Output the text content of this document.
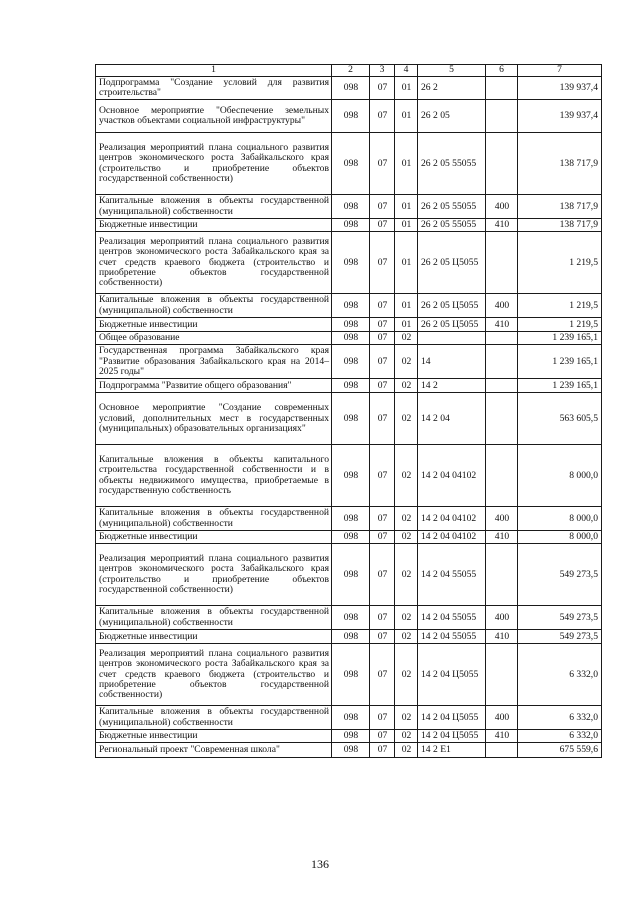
1	2	3	4	5	6	7
Подпрограмма "Создание условий для развития строительства"	098	07	01	26 2		139 937,4
Основное мероприятие "Обеспечение земельных участков объектами социальной инфраструктуры"	098	07	01	26 2 05		139 937,4
Реализация мероприятий плана социального развития центров экономического роста Забайкальского края (строительство и приобретение объектов государственной собственности)	098	07	01	26 2 05 55055		138 717,9
Капитальные вложения в объекты государственной (муниципальной) собственности	098	07	01	26 2 05 55055	400	138 717,9
Бюджетные инвестиции	098	07	01	26 2 05 55055	410	138 717,9
Реализация мероприятий плана социального развития центров экономического роста Забайкальского края за счет средств краевого бюджета (строительство и приобретение объектов государственной собственности)	098	07	01	26 2 05 Ц5055		1 219,5
Капитальные вложения в объекты государственной (муниципальной) собственности	098	07	01	26 2 05 Ц5055	400	1 219,5
Бюджетные инвестиции	098	07	01	26 2 05 Ц5055	410	1 219,5
Общее образование	098	07	02			1 239 165,1
Государственная программа Забайкальского края "Развитие образования Забайкальского края на 2014–2025 годы"	098	07	02	14		1 239 165,1
Подпрограмма "Развитие общего образования"	098	07	02	14 2		1 239 165,1
Основное мероприятие "Создание современных условий, дополнительных мест в государственных (муниципальных) образовательных организациях"	098	07	02	14 2 04		563 605,5
Капитальные вложения в объекты капитального строительства государственной собственности и в объекты недвижимого имущества, приобретаемые в государственную собственность	098	07	02	14 2 04 04102		8 000,0
Капитальные вложения в объекты государственной (муниципальной) собственности	098	07	02	14 2 04 04102	400	8 000,0
Бюджетные инвестиции	098	07	02	14 2 04 04102	410	8 000,0
Реализация мероприятий плана социального развития центров экономического роста Забайкальского края (строительство и приобретение объектов государственной собственности)	098	07	02	14 2 04 55055		549 273,5
Капитальные вложения в объекты государственной (муниципальной) собственности	098	07	02	14 2 04 55055	400	549 273,5
Бюджетные инвестиции	098	07	02	14 2 04 55055	410	549 273,5
Реализация мероприятий плана социального развития центров экономического роста Забайкальского края за счет средств краевого бюджета (строительство и приобретение объектов государственной собственности)	098	07	02	14 2 04 Ц5055		6 332,0
Капитальные вложения в объекты государственной (муниципальной) собственности	098	07	02	14 2 04 Ц5055	400	6 332,0
Бюджетные инвестиции	098	07	02	14 2 04 Ц5055	410	6 332,0
Региональный проект "Современная школа"	098	07	02	14 2 E1		675 559,6
136
